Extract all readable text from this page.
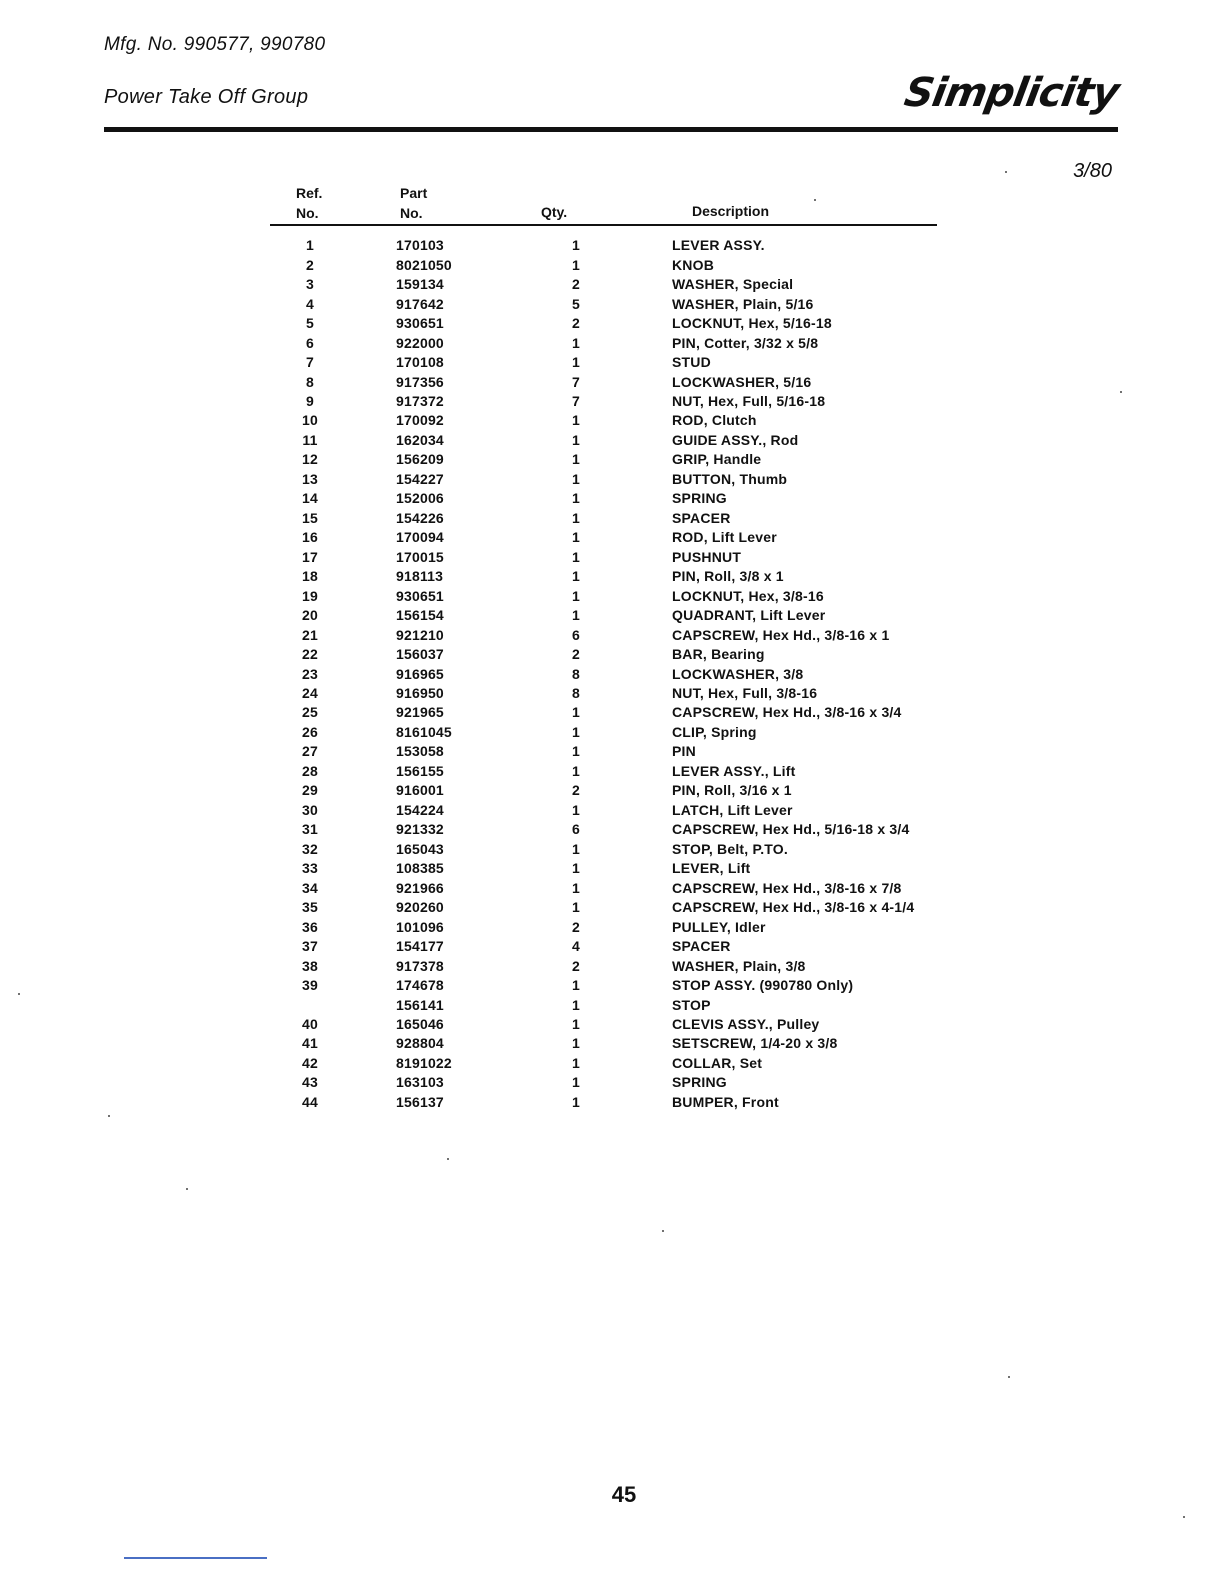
Mfg. No. 990577, 990780
Power Take Off Group	Simplicity
3/80
Ref.
No.
Part
No.	Qty.	Description
1	170103	1	LEVER ASSY.
2	8021050	1	KNOB
3	159134	2	WASHER, Special
4	917642	5	WASHER, Plain, 5/16
5	930651	2	LOCKNUT, Hex, 5/16-18
6	922000	1	PIN, Cotter, 3/32 x 5/8
7	170108	1	STUD
8	917356	7	LOCKWASHER, 5/16
9	917372	7	NUT, Hex, Full, 5/16-18
10	170092	1	ROD, Clutch
11	162034	1	GUIDE ASSY., Rod
12	156209	1	GRIP, Handle
13	154227	1	BUTTON, Thumb
14	152006	1	SPRING
15	154226	1	SPACER
16	170094	1	ROD, Lift Lever
17	170015	1	PUSHNUT
18	918113	1	PIN, Roll, 3/8 x 1
19	930651	1	LOCKNUT, Hex, 3/8-16
20	156154	1	QUADRANT, Lift Lever
21	921210	6	CAPSCREW, Hex Hd., 3/8-16 x 1
22	156037	2	BAR, Bearing
23	916965	8	LOCKWASHER, 3/8
24	916950	8	NUT, Hex, Full, 3/8-16
25	921965	1	CAPSCREW, Hex Hd., 3/8-16 x 3/4
26	8161045	1	CLIP, Spring
27	153058	1	PIN
28	156155	1	LEVER ASSY., Lift
29	916001	2	PIN, Roll, 3/16 x 1
30	154224	1	LATCH, Lift Lever
31	921332	6	CAPSCREW, Hex Hd., 5/16-18 x 3/4
32	165043	1	STOP, Belt, P.TO.
33	108385	1	LEVER, Lift
34	921966	1	CAPSCREW, Hex Hd., 3/8-16 x 7/8
35	920260	1	CAPSCREW, Hex Hd., 3/8-16 x 4-1/4
36	101096	2	PULLEY, Idler
37	154177	4	SPACER
38	917378	2	WASHER, Plain, 3/8
39	174678	1	STOP ASSY. (990780 Only)
	156141	1	STOP
40	165046	1	CLEVIS ASSY., Pulley
41	928804	1	SETSCREW, 1/4-20 x 3/8
42	8191022	1	COLLAR, Set
43	163103	1	SPRING
44	156137	1	BUMPER, Front
45
